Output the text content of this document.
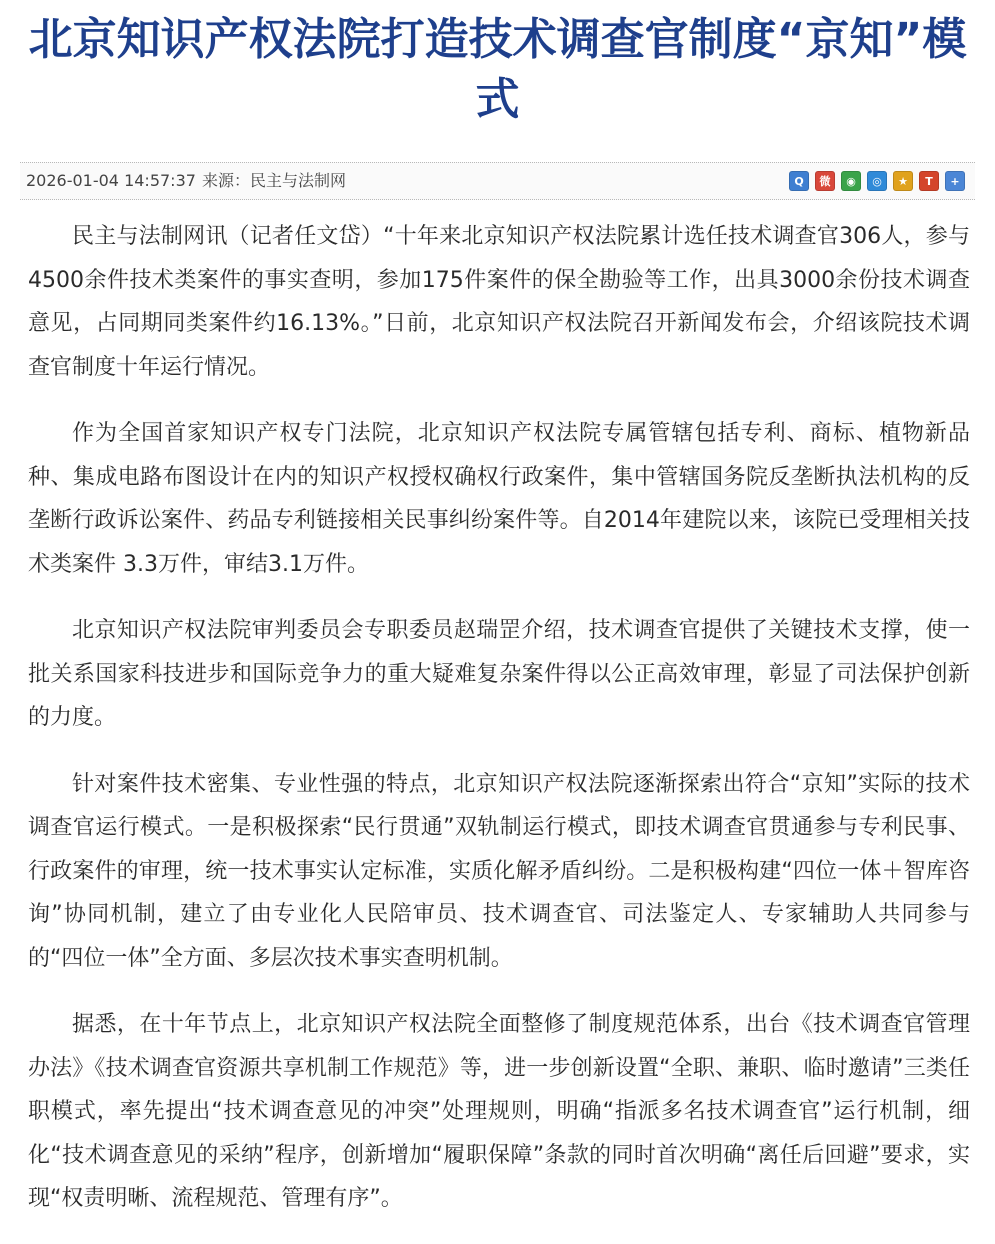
北京知识产权法院打造技术调查官制度“京知”模式
2026-01-04 14:57:37 来源：民主与法制网	Q	微	◉	◎	★	T	+

民主与法制网讯（记者任文岱）“十年来北京知识产权法院累计选任技术调查官306人，参与4500余件技术类案件的事实查明，参加175件案件的保全勘验等工作，出具3000余份技术调查意见，占同期同类案件约16.13%。”日前，北京知识产权法院召开新闻发布会，介绍该院技术调查官制度十年运行情况。

作为全国首家知识产权专门法院，北京知识产权法院专属管辖包括专利、商标、植物新品种、集成电路布图设计在内的知识产权授权确权行政案件，集中管辖国务院反垄断执法机构的反垄断行政诉讼案件、药品专利链接相关民事纠纷案件等。自2014年建院以来，该院已受理相关技术类案件 3.3万件，审结3.1万件。

北京知识产权法院审判委员会专职委员赵瑞罡介绍，技术调查官提供了关键技术支撑，使一批关系国家科技进步和国际竞争力的重大疑难复杂案件得以公正高效审理，彰显了司法保护创新的力度。

针对案件技术密集、专业性强的特点，北京知识产权法院逐渐探索出符合“京知”实际的技术调查官运行模式。一是积极探索“民行贯通”双轨制运行模式，即技术调查官贯通参与专利民事、行政案件的审理，统一技术事实认定标准，实质化解矛盾纠纷。二是积极构建“四位一体＋智库咨询”协同机制，建立了由专业化人民陪审员、技术调查官、司法鉴定人、专家辅助人共同参与的“四位一体”全方面、多层次技术事实查明机制。

据悉，在十年节点上，北京知识产权法院全面整修了制度规范体系，出台《技术调查官管理办法》《技术调查官资源共享机制工作规范》等，进一步创新设置“全职、兼职、临时邀请”三类任职模式，率先提出“技术调查意见的冲突”处理规则，明确“指派多名技术调查官”运行机制，细化“技术调查意见的采纳”程序，创新增加“履职保障”条款的同时首次明确“离任后回避”要求，实现“权责明晰、流程规范、管理有序”。
